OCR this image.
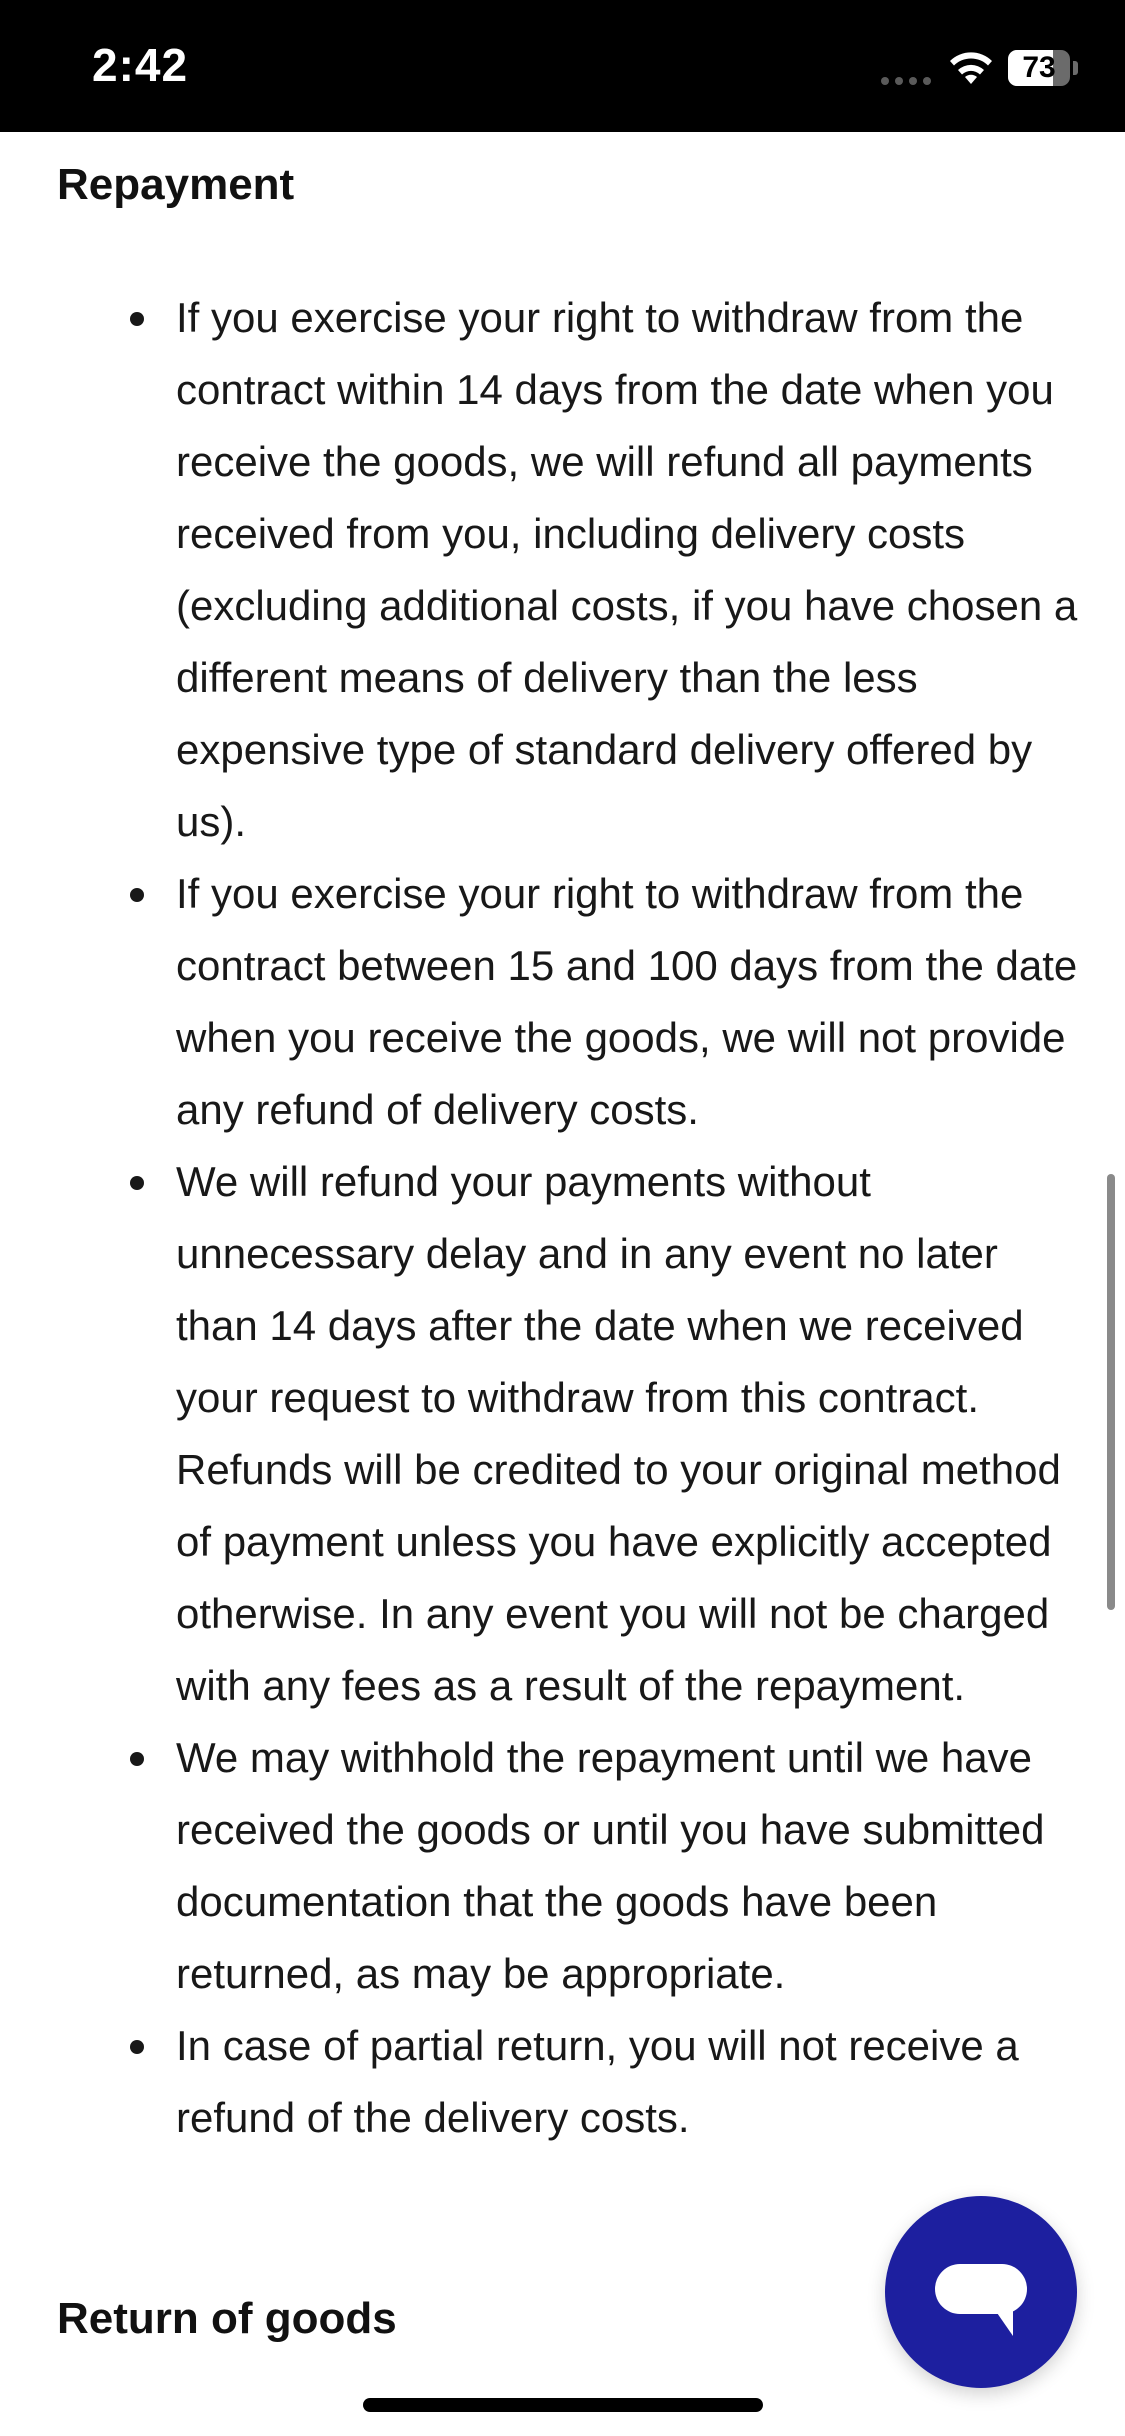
2:42	73
Repayment
If you exercise your right to withdraw from the contract within 14 days from the date when you receive the goods, we will refund all payments received from you, including delivery costs (excluding additional costs, if you have chosen a different means of delivery than the less expensive type of standard delivery offered by us).
If you exercise your right to withdraw from the contract between 15 and 100 days from the date when you receive the goods, we will not provide any refund of delivery costs.
We will refund your payments without unnecessary delay and in any event no later than 14 days after the date when we received your request to withdraw from this contract. Refunds will be credited to your original method of payment unless you have explicitly accepted otherwise. In any event you will not be charged with any fees as a result of the repayment.
We may withhold the repayment until we have received the goods or until you have submitted documentation that the goods have been returned, as may be appropriate.
In case of partial return, you will not receive a refund of the delivery costs.
Return of goods
